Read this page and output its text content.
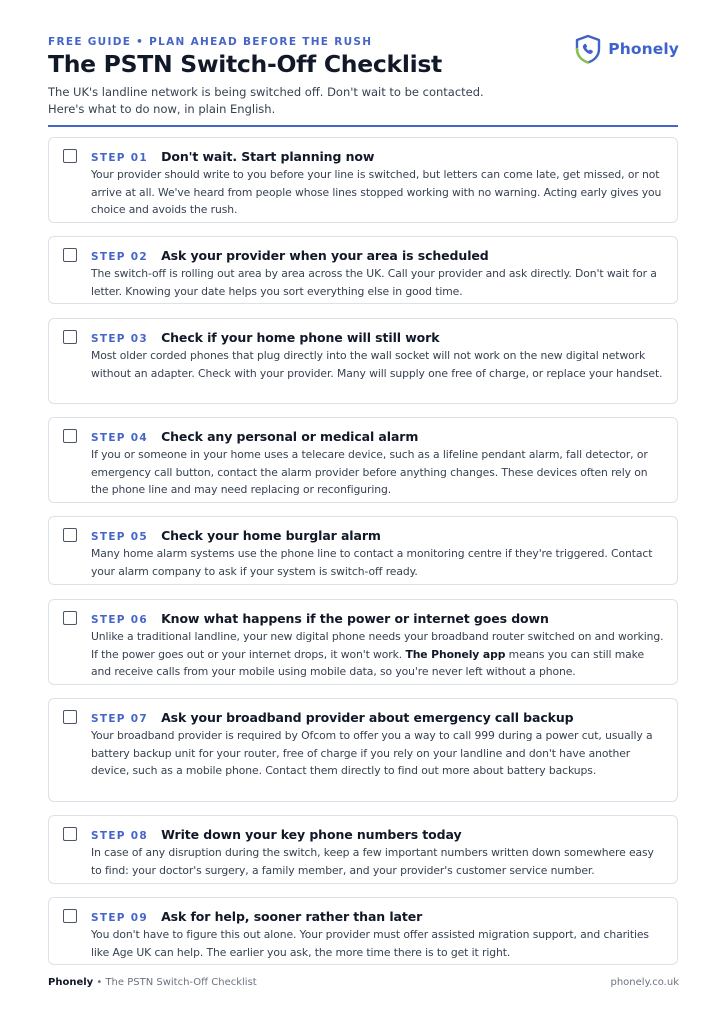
FREE GUIDE • PLAN AHEAD BEFORE THE RUSH
The PSTN Switch-Off Checklist
The UK's landline network is being switched off. Don't wait to be contacted.
Here's what to do now, in plain English.
Phonely
STEP 01 Don't wait. Start planning now
Your provider should write to you before your line is switched, but letters can come late, get missed, or not arrive at all. We've heard from people whose lines stopped working with no warning. Acting early gives you choice and avoids the rush.
STEP 02 Ask your provider when your area is scheduled
The switch-off is rolling out area by area across the UK. Call your provider and ask directly. Don't wait for a letter. Knowing your date helps you sort everything else in good time.
STEP 03 Check if your home phone will still work
Most older corded phones that plug directly into the wall socket will not work on the new digital network without an adapter. Check with your provider. Many will supply one free of charge, or replace your handset.
STEP 04 Check any personal or medical alarm
If you or someone in your home uses a telecare device, such as a lifeline pendant alarm, fall detector, or emergency call button, contact the alarm provider before anything changes. These devices often rely on the phone line and may need replacing or reconfiguring.
STEP 05 Check your home burglar alarm
Many home alarm systems use the phone line to contact a monitoring centre if they're triggered. Contact your alarm company to ask if your system is switch-off ready.
STEP 06 Know what happens if the power or internet goes down
Unlike a traditional landline, your new digital phone needs your broadband router switched on and working. If the power goes out or your internet drops, it won't work. The Phonely app means you can still make and receive calls from your mobile using mobile data, so you're never left without a phone.
STEP 07 Ask your broadband provider about emergency call backup
Your broadband provider is required by Ofcom to offer you a way to call 999 during a power cut, usually a battery backup unit for your router, free of charge if you rely on your landline and don't have another device, such as a mobile phone. Contact them directly to find out more about battery backups.
STEP 08 Write down your key phone numbers today
In case of any disruption during the switch, keep a few important numbers written down somewhere easy to find: your doctor's surgery, a family member, and your provider's customer service number.
STEP 09 Ask for help, sooner rather than later
You don't have to figure this out alone. Your provider must offer assisted migration support, and charities like Age UK can help. The earlier you ask, the more time there is to get it right.
Phonely • The PSTN Switch-Off Checklist	phonely.co.uk
